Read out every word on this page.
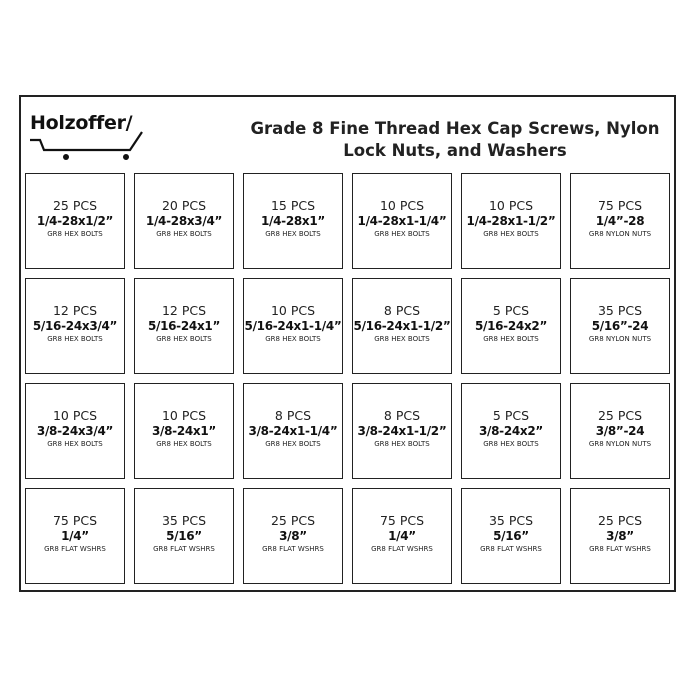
Holzoffer/	Grade 8 Fine Thread Hex Cap Screws, Nylon
Lock Nuts, and Washers
25 PCS
1/4-28x1/2”
GR8 HEX BOLTS
20 PCS
1/4-28x3/4”
GR8 HEX BOLTS
15 PCS
1/4-28x1”
GR8 HEX BOLTS
10 PCS
1/4-28x1-1/4”
GR8 HEX BOLTS
10 PCS
1/4-28x1-1/2”
GR8 HEX BOLTS
75 PCS
1/4”-28
GR8 NYLON NUTS
12 PCS
5/16-24x3/4”
GR8 HEX BOLTS
12 PCS
5/16-24x1”
GR8 HEX BOLTS
10 PCS
5/16-24x1-1/4”
GR8 HEX BOLTS
8 PCS
5/16-24x1-1/2”
GR8 HEX BOLTS
5 PCS
5/16-24x2”
GR8 HEX BOLTS
35 PCS
5/16”-24
GR8 NYLON NUTS
10 PCS
3/8-24x3/4”
GR8 HEX BOLTS
10 PCS
3/8-24x1”
GR8 HEX BOLTS
8 PCS
3/8-24x1-1/4”
GR8 HEX BOLTS
8 PCS
3/8-24x1-1/2”
GR8 HEX BOLTS
5 PCS
3/8-24x2”
GR8 HEX BOLTS
25 PCS
3/8”-24
GR8 NYLON NUTS
75 PCS
1/4”
GR8 FLAT WSHRS
35 PCS
5/16”
GR8 FLAT WSHRS
25 PCS
3/8”
GR8 FLAT WSHRS
75 PCS
1/4”
GR8 FLAT WSHRS
35 PCS
5/16”
GR8 FLAT WSHRS
25 PCS
3/8”
GR8 FLAT WSHRS
